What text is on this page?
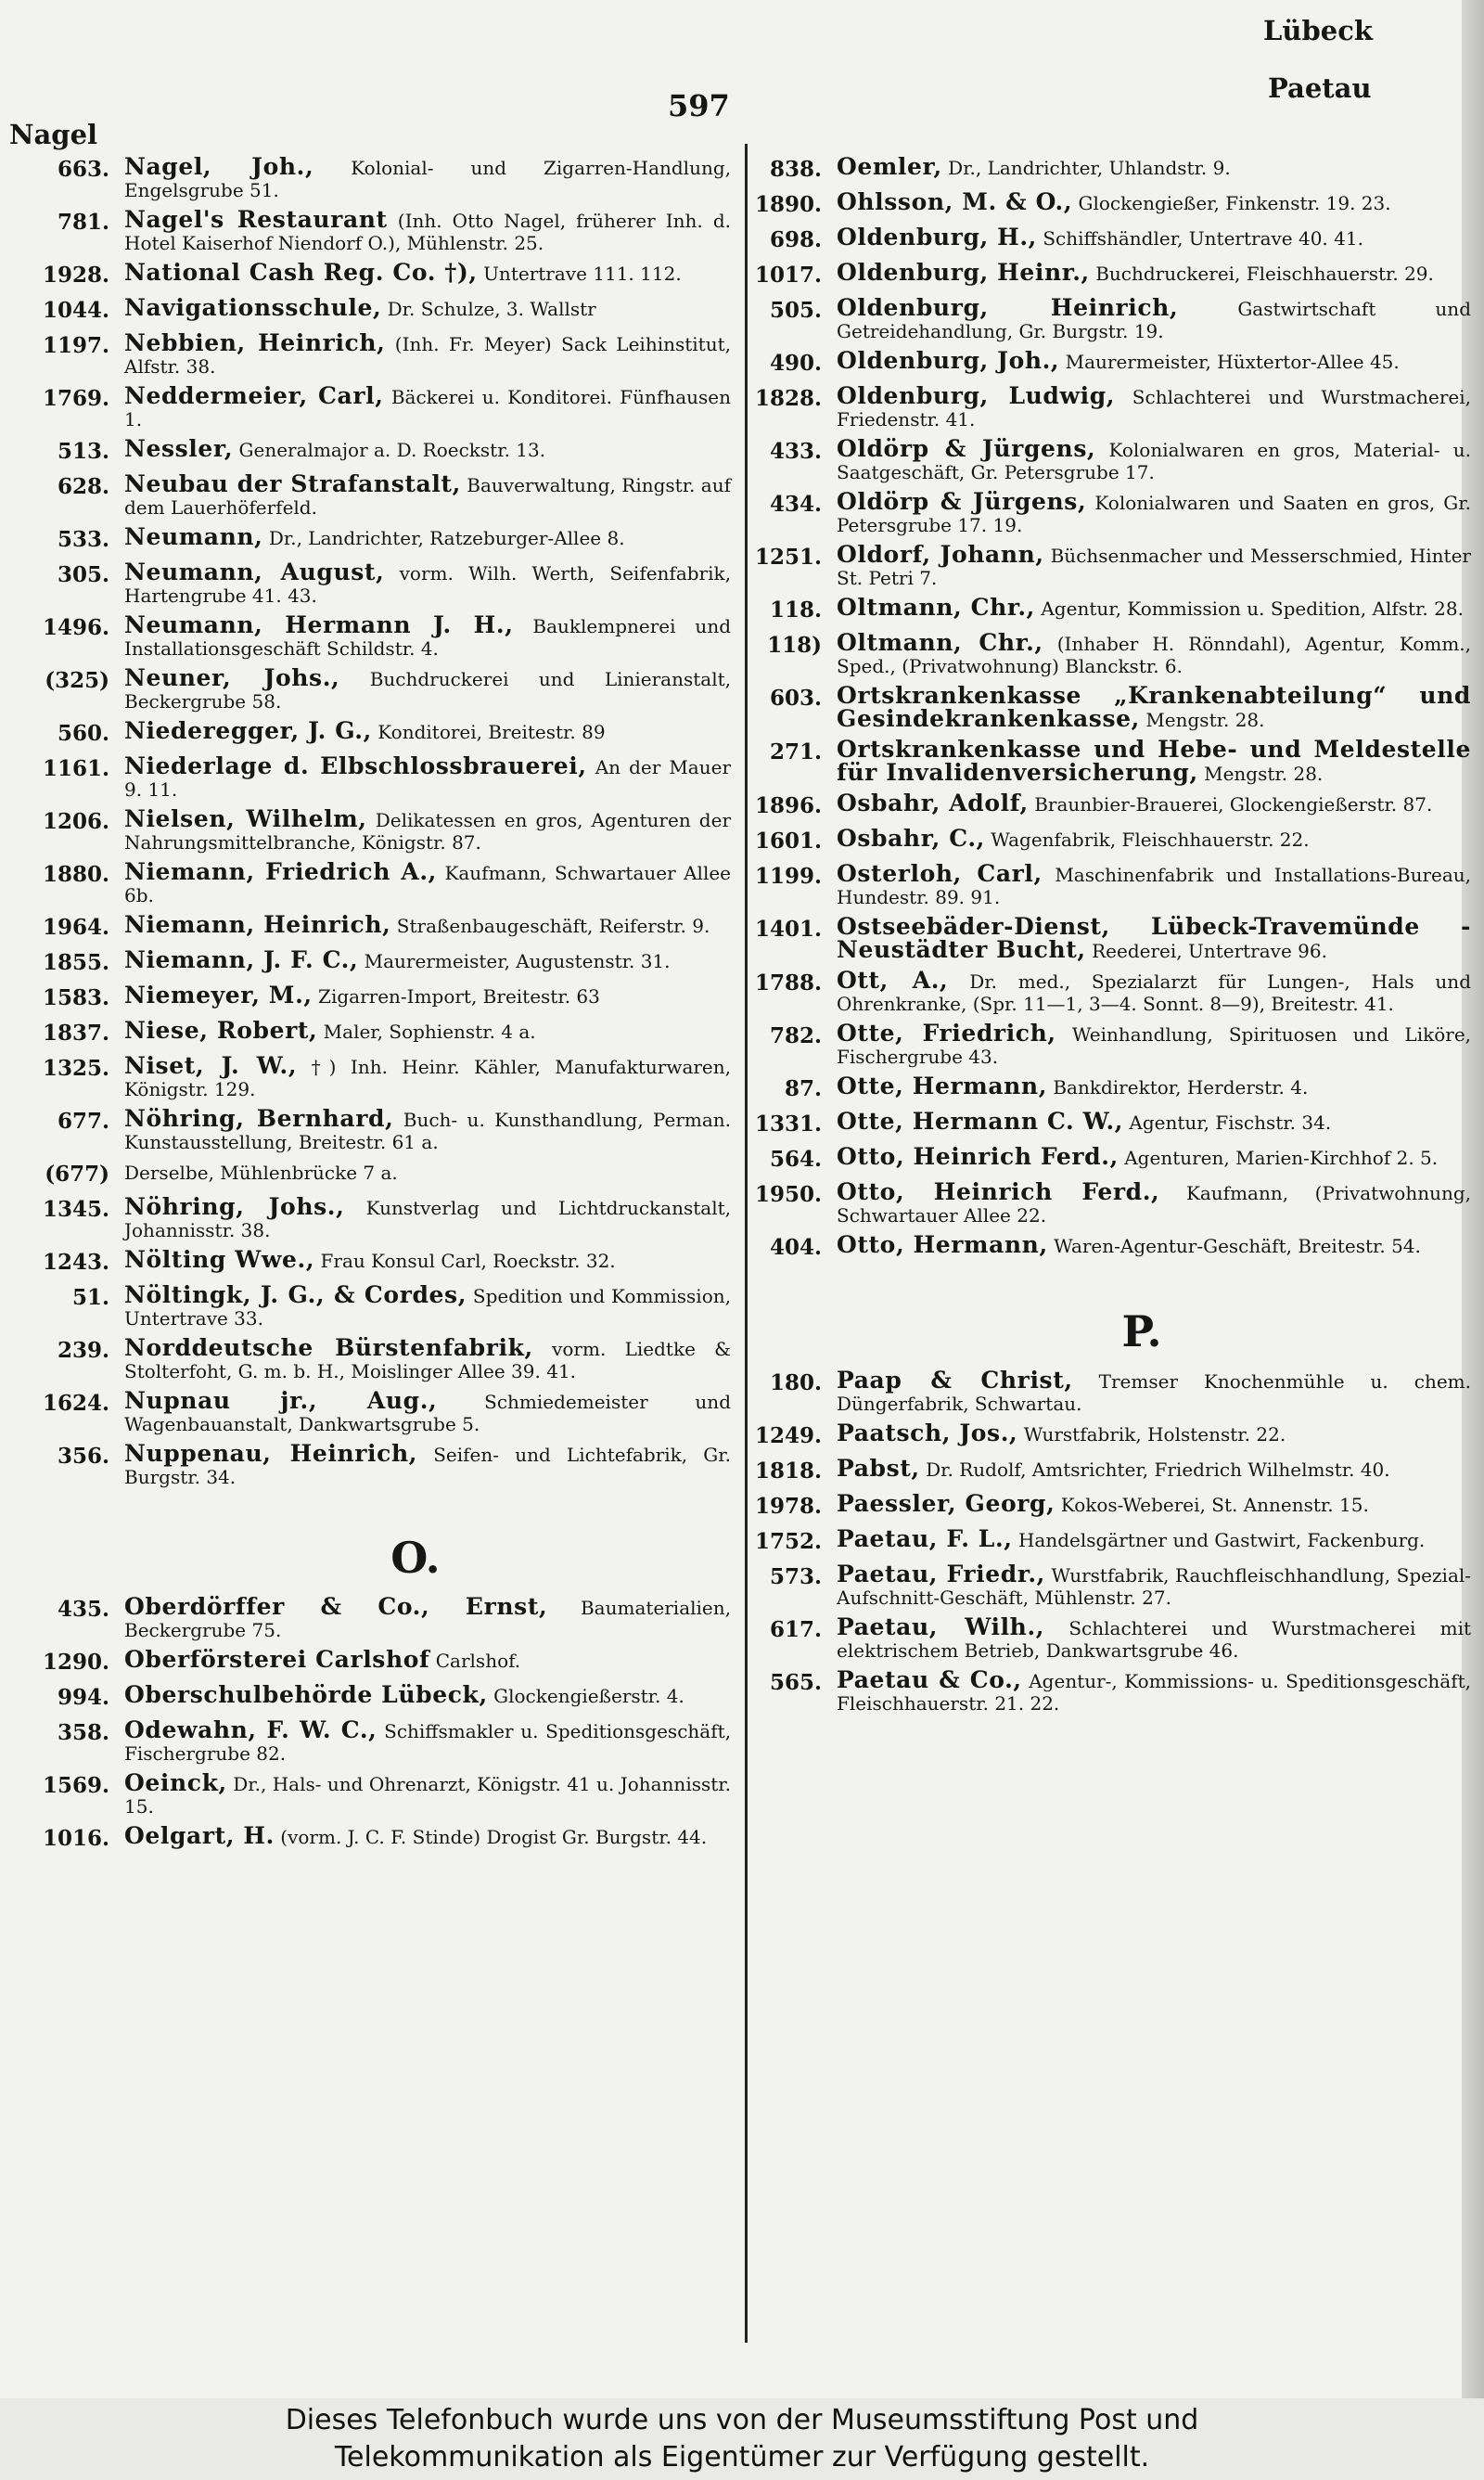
Nagel
597
Lübeck
Paetau
663. Nagel, Joh., Kolonial- und Zigarren-Handlung, Engelsgrube 51.
781. Nagel's Restaurant (Inh. Otto Nagel, früherer Inh. d. Hotel Kaiserhof Niendorf O.), Mühlenstr. 25.
1928. National Cash Reg. Co. †), Untertrave 111. 112.
1044. Navigationsschule, Dr. Schulze, 3. Wallstr
1197. Nebbien, Heinrich, (Inh. Fr. Meyer) Sack Leihinstitut, Alfstr. 38.
1769. Neddermeier, Carl, Bäckerei u. Konditorei. Fünfhausen 1.
513. Nessler, Generalmajor a. D. Roeckstr. 13.
628. Neubau der Strafanstalt, Bauverwaltung, Ringstr. auf dem Lauerhöferfeld.
533. Neumann, Dr., Landrichter, Ratzeburger-Allee 8.
305. Neumann, August, vorm. Wilh. Werth, Seifenfabrik, Hartengrube 41. 43.
1496. Neumann, Hermann J. H., Bauklempnerei und Installationsgeschäft Schildstr. 4.
(325) Neuner, Johs., Buchdruckerei und Linieranstalt, Beckergrube 58.
560. Niederegger, J. G., Konditorei, Breitestr. 89
1161. Niederlage d. Elbschlossbrauerei, An der Mauer 9. 11.
1206. Nielsen, Wilhelm, Delikatessen en gros, Agenturen der Nahrungsmittelbranche, Königstr. 87.
1880. Niemann, Friedrich A., Kaufmann, Schwartauer Allee 6b.
1964. Niemann, Heinrich, Straßenbaugeschäft, Reiferstr. 9.
1855. Niemann, J. F. C., Maurermeister, Augustenstr. 31.
1583. Niemeyer, M., Zigarren-Import, Breitestr. 63
1837. Niese, Robert, Maler, Sophienstr. 4 a.
1325. Niset, J. W., †) Inh. Heinr. Kähler, Manufakturwaren, Königstr. 129.
677. Nöhring, Bernhard, Buch- u. Kunsthandlung, Perman. Kunstausstellung, Breitestr. 61 a.
(677) Derselbe, Mühlenbrücke 7 a.
1345. Nöhring, Johs., Kunstverlag und Lichtdruckanstalt, Johannisstr. 38.
1243. Nölting Wwe., Frau Konsul Carl, Roeckstr. 32.
51. Nöltingk, J. G., & Cordes, Spedition und Kommission, Untertrave 33.
239. Norddeutsche Bürstenfabrik, vorm. Liedtke & Stolterfoht, G. m. b. H., Moislinger Allee 39. 41.
1624. Nupnau jr., Aug.,	Schmiedemeister und Wagenbauanstalt, Dankwartsgrube 5.
356. Nuppenau, Heinrich, Seifen- und Lichtefabrik, Gr. Burgstr. 34.
O.
435. Oberdörffer & Co., Ernst, Baumaterialien, Beckergrube 75.
1290. Oberförsterei Carlshof Carlshof.
994. Oberschulbehörde Lübeck, Glockengießerstr. 4.
358. Odewahn, F. W. C., Schiffsmakler u. Speditionsgeschäft, Fischergrube 82.
1569. Oeinck, Dr., Hals- und Ohrenarzt, Königstr. 41 u. Johannisstr. 15.
1016. Oelgart, H. (vorm. J. C. F. Stinde) Drogist Gr. Burgstr. 44.
838. Oemler, Dr., Landrichter, Uhlandstr. 9.
1890. Ohlsson, M. & O., Glockengießer, Finkenstr. 19. 23.
698. Oldenburg, H., Schiffshändler, Untertrave 40. 41.
1017. Oldenburg, Heinr., Buchdruckerei, Fleischhauerstr. 29.
505. Oldenburg, Heinrich,	Gastwirtschaft und Getreidehandlung, Gr. Burgstr. 19.
490. Oldenburg, Joh., Maurermeister, Hüxtertor-Allee 45.
1828. Oldenburg, Ludwig, Schlachterei und Wurstmacherei, Friedenstr. 41.
433. Oldörp & Jürgens, Kolonialwaren en gros, Material- u. Saatgeschäft, Gr. Petersgrube 17.
434. Oldörp & Jürgens, Kolonialwaren und Saaten en gros, Gr. Petersgrube 17. 19.
1251. Oldorf, Johann, Büchsenmacher und Messerschmied, Hinter St. Petri 7.
118. Oltmann, Chr., Agentur, Kommission u. Spedition, Alfstr. 28.
118) Oltmann, Chr., (Inhaber H. Rönndahl), Agentur, Komm., Sped., (Privatwohnung) Blanckstr. 6.
603. Ortskrankenkasse „Krankenabteilung“ und Gesindekrankenkasse, Mengstr. 28.
271. Ortskrankenkasse und Hebe- und Meldestelle für Invalidenversicherung, Mengstr. 28.
1896. Osbahr, Adolf, Braunbier-Brauerei, Glockengießerstr. 87.
1601. Osbahr, C., Wagenfabrik, Fleischhauerstr. 22.
1199. Osterloh, Carl, Maschinenfabrik und Installations-Bureau, Hundestr. 89. 91.
1401. Ostseebäder-Dienst, Lübeck-Travemünde - Neustädter Bucht, Reederei, Untertrave 96.
1788. Ott, A., Dr. med., Spezialarzt für Lungen-, Hals und Ohrenkranke, (Spr. 11—1, 3—4. Sonnt. 8—9), Breitestr. 41.
782. Otte, Friedrich, Weinhandlung, Spirituosen und Liköre, Fischergrube 43.
87. Otte, Hermann, Bankdirektor, Herderstr. 4.
1331. Otte, Hermann C. W., Agentur, Fischstr. 34.
564. Otto, Heinrich Ferd., Agenturen, Marien-Kirchhof 2. 5.
1950. Otto, Heinrich Ferd., Kaufmann, (Privatwohnung, Schwartauer Allee 22.
404. Otto, Hermann, Waren-Agentur-Geschäft, Breitestr. 54.
P.
180. Paap & Christ, Tremser Knochenmühle u. chem. Düngerfabrik, Schwartau.
1249. Paatsch, Jos., Wurstfabrik, Holstenstr. 22.
1818. Pabst, Dr. Rudolf, Amtsrichter, Friedrich Wilhelmstr. 40.
1978. Paessler, Georg, Kokos-Weberei, St. Annenstr. 15.
1752. Paetau, F. L., Handelsgärtner und Gastwirt, Fackenburg.
573. Paetau, Friedr., Wurstfabrik, Rauchfleischhandlung, Spezial-Aufschnitt-Geschäft, Mühlenstr. 27.
617. Paetau, Wilh., Schlachterei und Wurstmacherei mit elektrischem Betrieb, Dankwartsgrube 46.
565. Paetau & Co., Agentur-, Kommissions- u. Speditionsgeschäft, Fleischhauerstr. 21. 22.
Dieses Telefonbuch wurde uns von der Museumsstiftung Post und
Telekommunikation als Eigentümer zur Verfügung gestellt.
